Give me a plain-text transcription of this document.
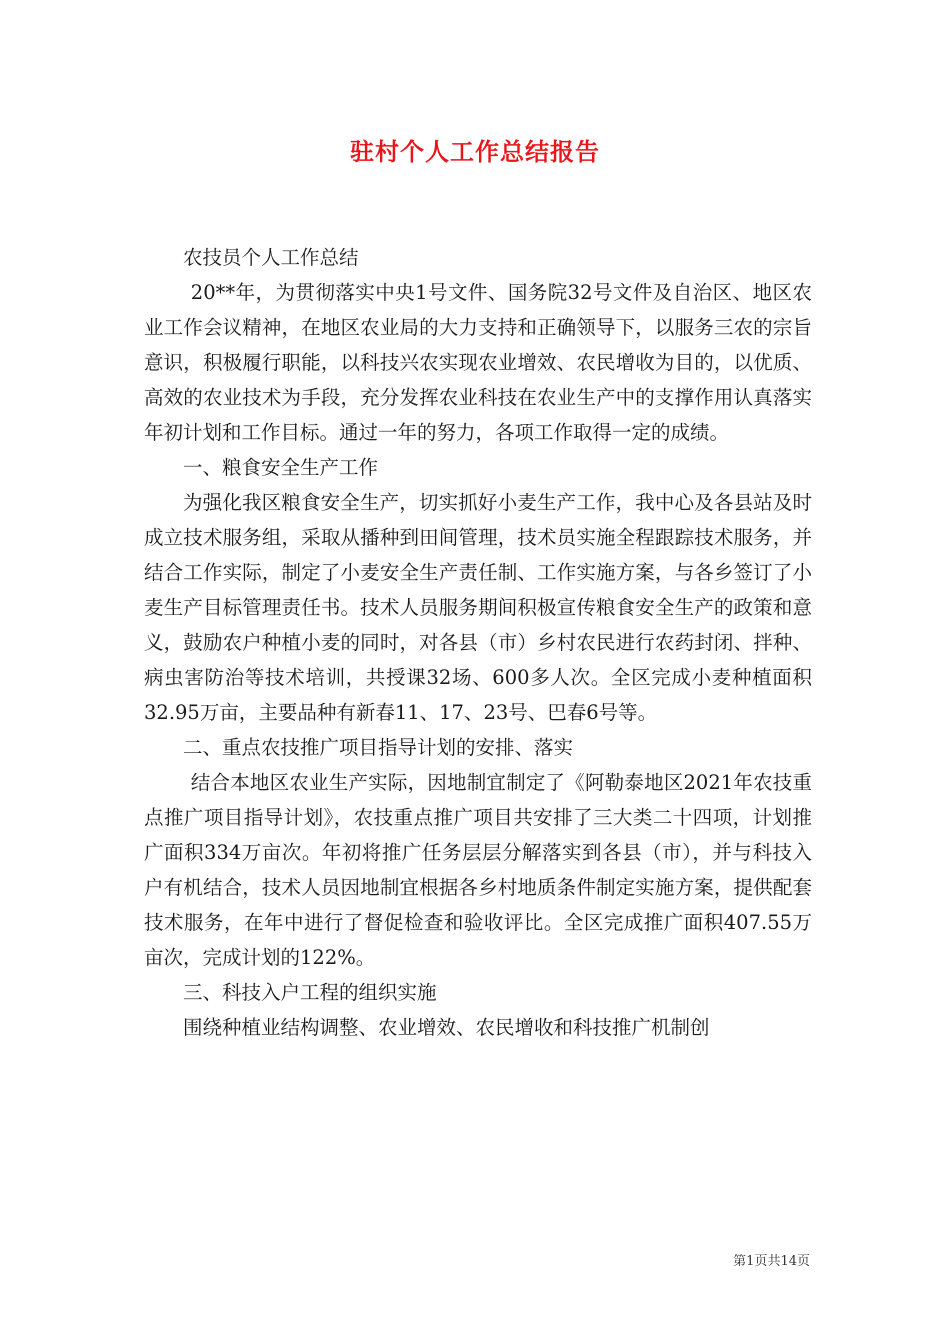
驻村个人工作总结报告

农技员个人工作总结

20**年，为贯彻落实中央1号文件、国务院32号文件及自治区、地区农业工作会议精神，在地区农业局的大力支持和正确领导下，以服务三农的宗旨意识，积极履行职能，以科技兴农实现农业增效、农民增收为目的，以优质、高效的农业技术为手段，充分发挥农业科技在农业生产中的支撑作用认真落实年初计划和工作目标。通过一年的努力，各项工作取得一定的成绩。

一、粮食安全生产工作

为强化我区粮食安全生产，切实抓好小麦生产工作，我中心及各县站及时成立技术服务组，采取从播种到田间管理，技术员实施全程跟踪技术服务，并结合工作实际，制定了小麦安全生产责任制、工作实施方案，与各乡签订了小麦生产目标管理责任书。技术人员服务期间积极宣传粮食安全生产的政策和意义，鼓励农户种植小麦的同时，对各县（市）乡村农民进行农药封闭、拌种、病虫害防治等技术培训，共授课32场、600多人次。全区完成小麦种植面积32.95万亩，主要品种有新春11、17、23号、巴春6号等。

二、重点农技推广项目指导计划的安排、落实

结合本地区农业生产实际，因地制宜制定了《阿勒泰地区2021年农技重点推广项目指导计划》，农技重点推广项目共安排了三大类二十四项，计划推广面积334万亩次。年初将推广任务层层分解落实到各县（市），并与科技入户有机结合，技术人员因地制宜根据各乡村地质条件制定实施方案，提供配套技术服务，在年中进行了督促检查和验收评比。全区完成推广面积407.55万亩次，完成计划的122%。

三、科技入户工程的组织实施

围绕种植业结构调整、农业增效、农民增收和科技推广机制创

第1页共14页
